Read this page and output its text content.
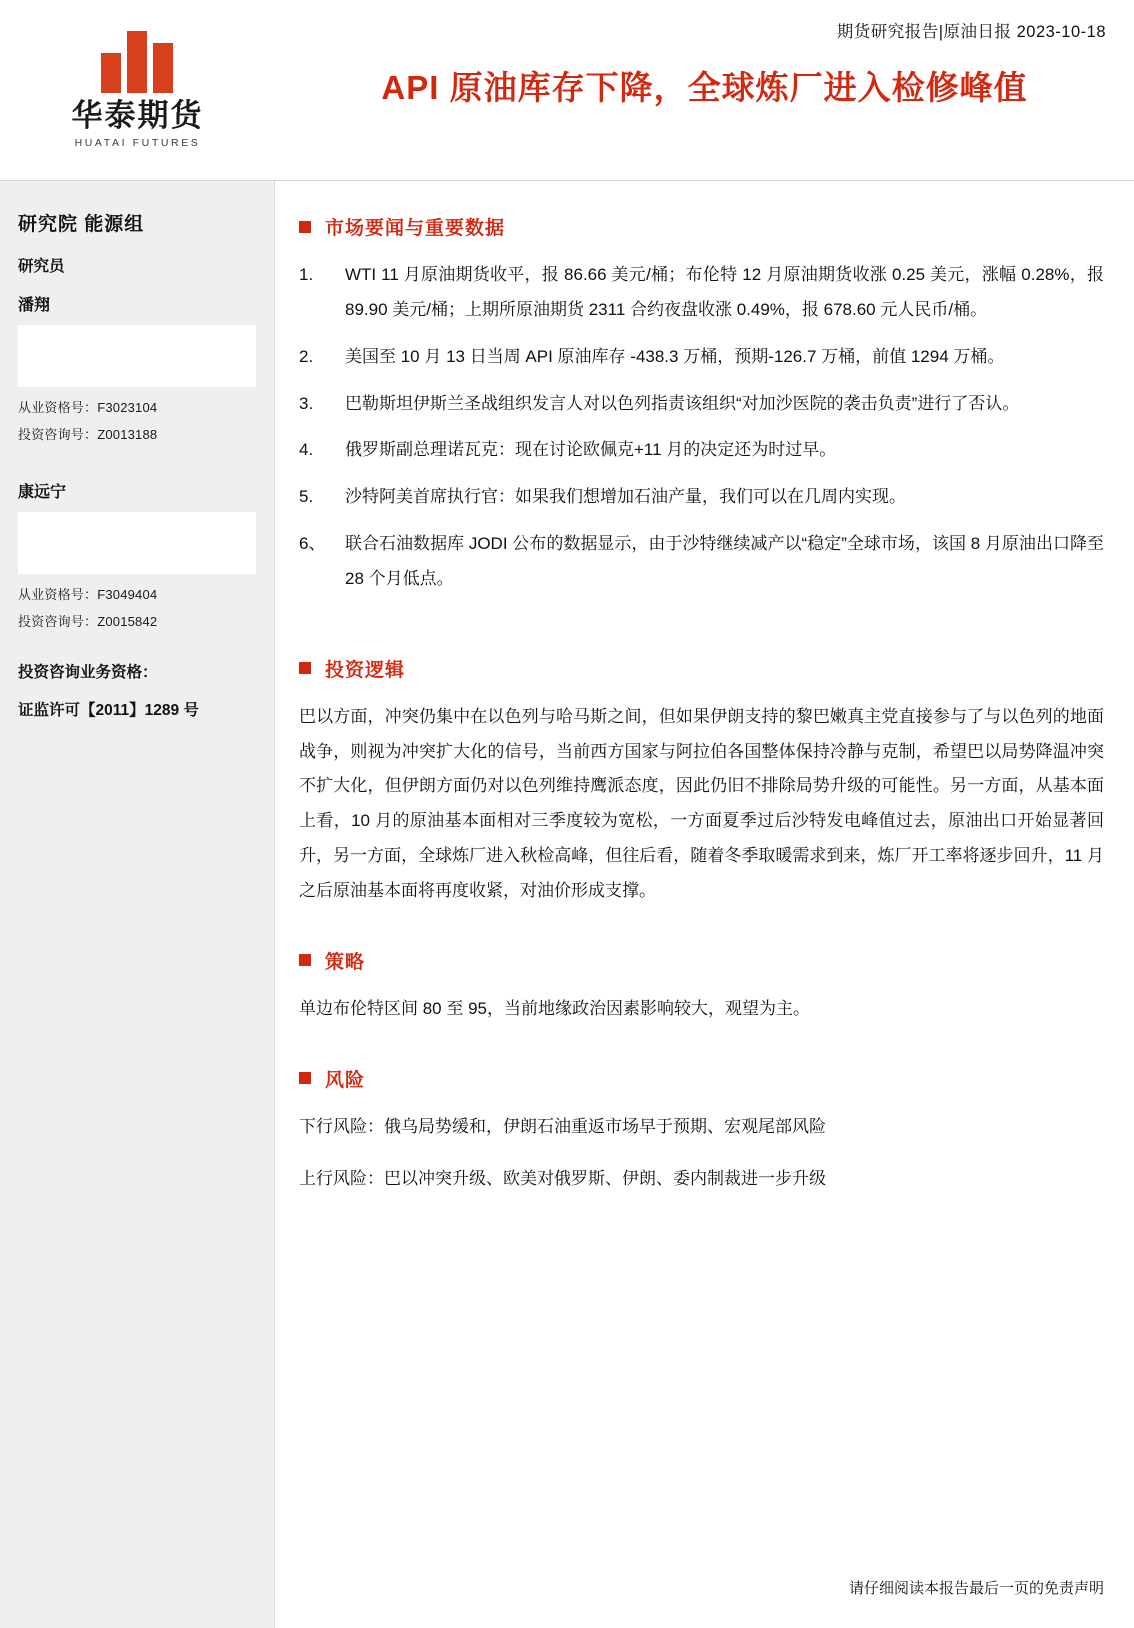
华泰期货
HUATAI FUTURES
期货研究报告|原油日报 2023-10-18
API 原油库存下降，全球炼厂进入检修峰值
研究院 能源组
研究员
潘翔
从业资格号：F3023104
投资咨询号：Z0013188
康远宁
从业资格号：F3049404
投资咨询号：Z0015842
投资咨询业务资格：
证监许可【2011】1289 号
市场要闻与重要数据
1.	WTI 11 月原油期货收平，报 86.66 美元/桶；布伦特 12 月原油期货收涨 0.25 美元，涨幅 0.28%，报 89.90 美元/桶；上期所原油期货 2311 合约夜盘收涨 0.49%，报 678.60 元人民币/桶。
2.	美国至 10 月 13 日当周 API 原油库存 -438.3 万桶，预期-126.7 万桶，前值 1294 万桶。
3.	巴勒斯坦伊斯兰圣战组织发言人对以色列指责该组织“对加沙医院的袭击负责”进行了否认。
4.	俄罗斯副总理诺瓦克：现在讨论欧佩克+11 月的决定还为时过早。
5.	沙特阿美首席执行官：如果我们想增加石油产量，我们可以在几周内实现。
6、	联合石油数据库 JODI 公布的数据显示，由于沙特继续减产以“稳定”全球市场，该国 8 月原油出口降至 28 个月低点。
投资逻辑

巴以方面，冲突仍集中在以色列与哈马斯之间，但如果伊朗支持的黎巴嫩真主党直接参与了与以色列的地面战争，则视为冲突扩大化的信号，当前西方国家与阿拉伯各国整体保持冷静与克制，希望巴以局势降温冲突不扩大化，但伊朗方面仍对以色列维持鹰派态度，因此仍旧不排除局势升级的可能性。另一方面，从基本面上看，10 月的原油基本面相对三季度较为宽松，一方面夏季过后沙特发电峰值过去，原油出口开始显著回升，另一方面，全球炼厂进入秋检高峰，但往后看，随着冬季取暖需求到来，炼厂开工率将逐步回升，11 月之后原油基本面将再度收紧，对油价形成支撑。

策略

单边布伦特区间 80 至 95，当前地缘政治因素影响较大，观望为主。

风险

下行风险：俄乌局势缓和，伊朗石油重返市场早于预期、宏观尾部风险

上行风险：巴以冲突升级、欧美对俄罗斯、伊朗、委内制裁进一步升级

请仔细阅读本报告最后一页的免责声明
